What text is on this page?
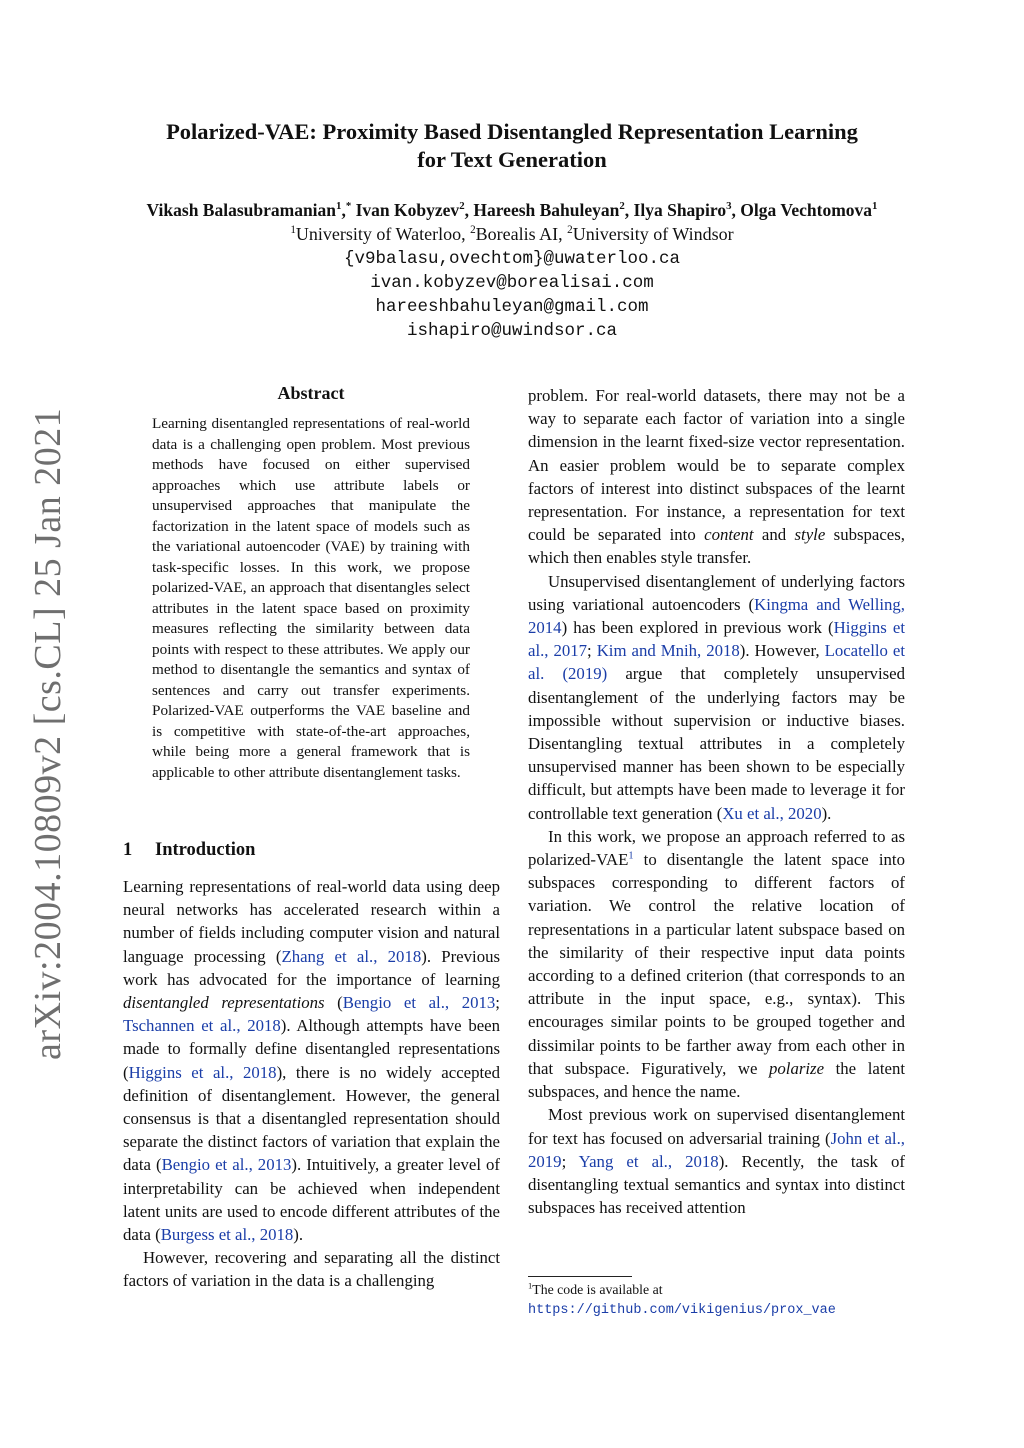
Polarized-VAE: Proximity Based Disentangled Representation Learning
for Text Generation
Vikash Balasubramanian$^1$,* Ivan Kobyzev$^2$, Hareesh Bahuleyan$^2$, Ilya Shapiro$^3$, Olga Vechtomova$^1$
$^1$University of Waterloo, $^2$Borealis AI, $^2$University of Windsor
{v9balasu,ovechtom}@uwaterloo.ca
ivan.kobyzev@borealisai.com
hareeshbahuleyan@gmail.com
ishapiro@uwindsor.ca
arXiv:2004.10809v2 [cs.CL] 25 Jan 2021
Abstract
Learning disentangled representations of real-world data is a challenging open problem. Most previous methods have focused on either supervised approaches which use attribute labels or unsupervised approaches that manipulate the factorization in the latent space of models such as the variational autoencoder (VAE) by training with task-specific losses. In this work, we propose polarized-VAE, an approach that disentangles select attributes in the latent space based on proximity measures reflecting the similarity between data points with respect to these attributes. We apply our method to disentangle the semantics and syntax of sentences and carry out transfer experiments. Polarized-VAE outperforms the VAE baseline and is competitive with state-of-the-art approaches, while being more a general framework that is applicable to other attribute disentanglement tasks.
1 Introduction

Learning representations of real-world data using deep neural networks has accelerated research within a number of fields including computer vision and natural language processing (Zhang et al., 2018). Previous work has advocated for the importance of learning disentangled representations (Bengio et al., 2013; Tschannen et al., 2018). Although attempts have been made to formally define disentangled representations (Higgins et al., 2018), there is no widely accepted definition of disentanglement. However, the general consensus is that a disentangled representation should separate the distinct factors of variation that explain the data (Bengio et al., 2013). Intuitively, a greater level of interpretability can be achieved when independent latent units are used to encode different attributes of the data (Burgess et al., 2018).

However, recovering and separating all the distinct factors of variation in the data is a challenging

problem. For real-world datasets, there may not be a way to separate each factor of variation into a single dimension in the learnt fixed-size vector representation. An easier problem would be to separate complex factors of interest into distinct subspaces of the learnt representation. For instance, a representation for text could be separated into content and style subspaces, which then enables style transfer.

Unsupervised disentanglement of underlying factors using variational autoencoders (Kingma and Welling, 2014) has been explored in previous work (Higgins et al., 2017; Kim and Mnih, 2018). However, Locatello et al. (2019) argue that completely unsupervised disentanglement of the underlying factors may be impossible without supervision or inductive biases. Disentangling textual attributes in a completely unsupervised manner has been shown to be especially difficult, but attempts have been made to leverage it for controllable text generation (Xu et al., 2020).

In this work, we propose an approach referred to as polarized-VAE$^1$ to disentangle the latent space into subspaces corresponding to different factors of variation. We control the relative location of representations in a particular latent subspace based on the similarity of their respective input data points according to a defined criterion (that corresponds to an attribute in the input space, e.g., syntax). This encourages similar points to be grouped together and dissimilar points to be farther away from each other in that subspace. Figuratively, we polarize the latent subspaces, and hence the name.

Most previous work on supervised disentanglement for text has focused on adversarial training (John et al., 2019; Yang et al., 2018). Recently, the task of disentangling textual semantics and syntax into distinct subspaces has received attention

$^1$The code is available at https://github.com/vikigenius/prox_vae
